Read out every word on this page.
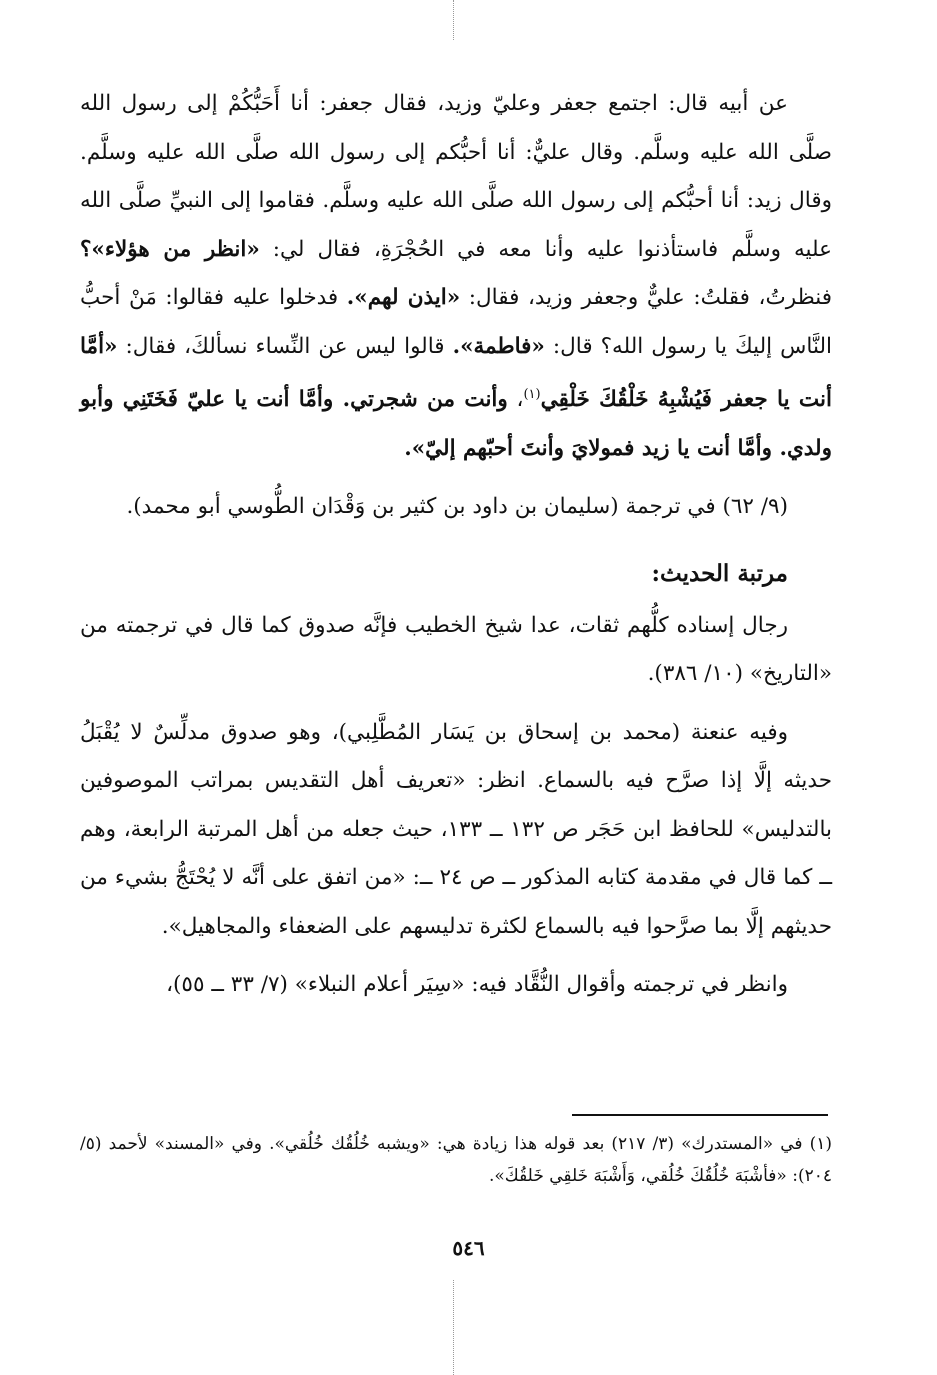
عن أبيه قال: اجتمع جعفر وعليّ وزيد، فقال جعفر: أنا أَحَبُّكُمْ إلى رسول الله صلَّى الله عليه وسلَّم. وقال عليٌّ: أنا أحبُّكم إلى رسول الله صلَّى الله عليه وسلَّم. وقال زيد: أنا أحبُّكم إلى رسول الله صلَّى الله عليه وسلَّم. فقاموا إلى النبيِّ صلَّى الله عليه وسلَّم فاستأذنوا عليه وأنا معه في الحُجْرَةِ، فقال لي: «انظر من هؤلاء»؟ فنظرتُ، فقلتُ: عليٌّ وجعفر وزيد، فقال: «ايذن لهم». فدخلوا عليه فقالوا: مَنْ أحبُّ النَّاس إليكَ يا رسول الله؟ قال: «فاطمة». قالوا ليس عن النِّساء نسألكَ، فقال: «أمَّا أنت يا جعفر فَيُشْبِهُ خَلْقُكَ خَلْقِي$^{(١)}$، وأنت من شجرتي. وأمَّا أنت يا عليّ فَخَتَنِي وأبو ولدي. وأمَّا أنت يا زيد فمولايَ وأنتَ أحبّهم إليّ».

(٩/ ٦٢) في ترجمة (سليمان بن داود بن كثير بن وَقْدَان الطُّوسي أبو محمد).

مرتبة الحديث:

رجال إسناده كلُّهم ثقات، عدا شيخ الخطيب فإنَّه صدوق كما قال في ترجمته من «التاريخ» (١٠/ ٣٨٦).

وفيه عنعنة (محمد بن إسحاق بن يَسَار المُطَّلِبي)، وهو صدوق مدلِّسٌ لا يُقْبَلُ حديثه إلَّا إذا صرَّح فيه بالسماع. انظر: «تعريف أهل التقديس بمراتب الموصوفين بالتدليس» للحافظ ابن حَجَر ص ١٣٢ ــ ١٣٣، حيث جعله من أهل المرتبة الرابعة، وهم ــ كما قال في مقدمة كتابه المذكور ــ ص ٢٤ ــ: «من اتفق على أنَّه لا يُحْتَجُّ بشيء من حديثهم إلَّا بما صرَّحوا فيه بالسماع لكثرة تدليسهم على الضعفاء والمجاهيل».

وانظر في ترجمته وأقوال النُّقَّاد فيه: «سِيَر أعلام النبلاء» (٧/ ٣٣ ــ ٥٥)،

(١) في «المستدرك» (٣/ ٢١٧) بعد قوله هذا زيادة هي: «ويشبه خُلُقُك خُلُقي». وفي «المسند» لأحمد (٥/ ٢٠٤): «فأشْبَهَ خُلُقُكَ خُلُقي، وَأَشْبَهَ خَلقِي خَلقُكَ».

٥٤٦
